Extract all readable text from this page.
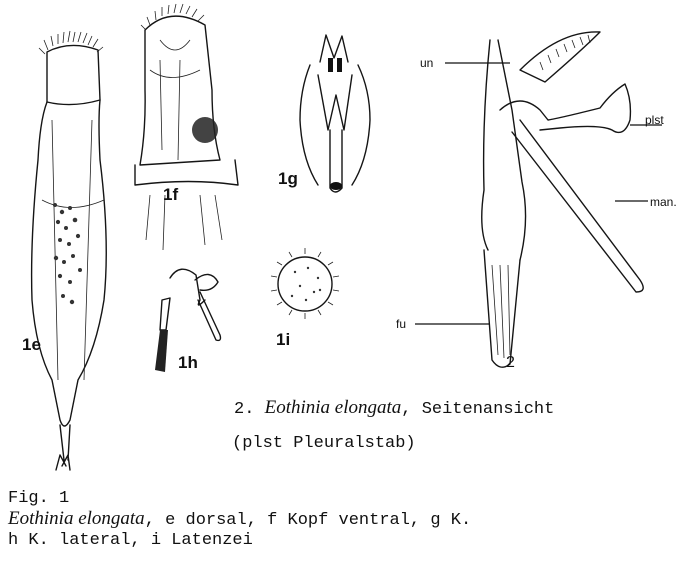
1e
1f
1g
1h
1i
2
un
plst
man.
fu
2. Eothinia elongata, Seitenansicht
(plst Pleuralstab)
Fig. 1
Eothinia elongata, e dorsal, f Kopf ventral, g K.
h K. lateral, i Latenzei
